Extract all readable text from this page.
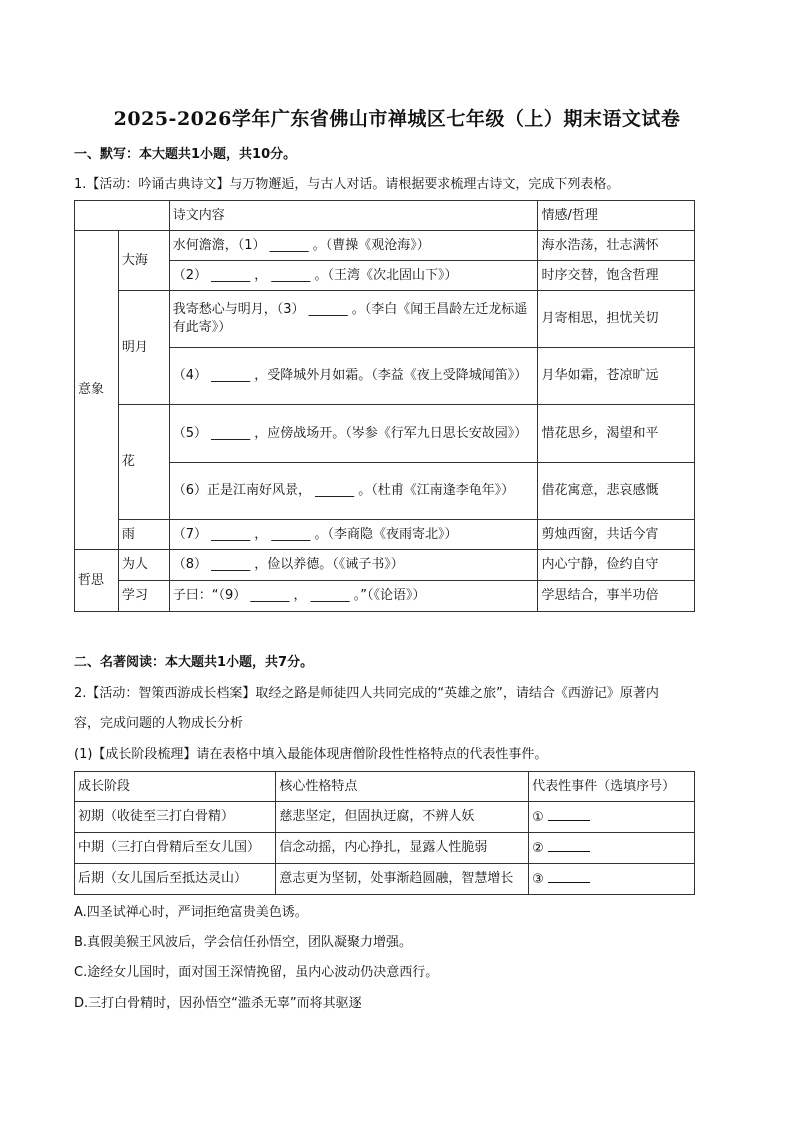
2025-2026学年广东省佛山市禅城区七年级（上）期末语文试卷
一、默写：本大题共1小题，共10分。
1.【活动：吟诵古典诗文】与万物邂逅，与古人对话。请根据要求梳理古诗文，完成下列表格。
		诗文内容	情感/哲理
意象	大海	水何澹澹，（1） ______ 。（曹操《观沧海》）	海水浩荡，壮志满怀
		（2） ______ ， ______ 。（王湾《次北固山下》）	时序交替，饱含哲理
	明月	我寄愁心与明月，（3） ______ 。（李白《闻王昌龄左迁龙标遥有此寄》）	月寄相思，担忧关切
		（4） ______ ，受降城外月如霜。（李益《夜上受降城闻笛》）	月华如霜，苍凉旷远
	花	（5） ______ ，应傍战场开。（岑参《行军九日思长安故园》）	惜花思乡，渴望和平
		（6）正是江南好风景， ______ 。（杜甫《江南逢李龟年》）	借花寓意，悲哀感慨
	雨	（7） ______ ， ______ 。（李商隐《夜雨寄北》）	剪烛西窗，共话今宵
哲思	为人	（8） ______ ，俭以养德。（《诫子书》）	内心宁静，俭约自守
	学习	子曰：“（9） ______ ， ______ 。”（《论语》）	学思结合，事半功倍
二、名著阅读：本大题共1小题，共7分。
2.【活动：智策西游成长档案】取经之路是师徒四人共同完成的“英雄之旅”，请结合《西游记》原著内
容，完成问题的人物成长分析
(1)【成长阶段梳理】请在表格中填入最能体现唐僧阶段性性格特点的代表性事件。
成长阶段	核心性格特点	代表性事件（选填序号）
初期（收徒至三打白骨精）	慈悲坚定，但固执迂腐，不辨人妖	①
中期（三打白骨精后至女儿国）	信念动摇，内心挣扎，显露人性脆弱	②
后期（女儿国后至抵达灵山）	意志更为坚韧，处事渐趋圆融，智慧增长	③
A.四圣试禅心时，严词拒绝富贵美色诱。
B.真假美猴王风波后，学会信任孙悟空，团队凝聚力增强。
C.途经女儿国时，面对国王深情挽留，虽内心波动仍决意西行。
D.三打白骨精时，因孙悟空“滥杀无辜”而将其驱逐
